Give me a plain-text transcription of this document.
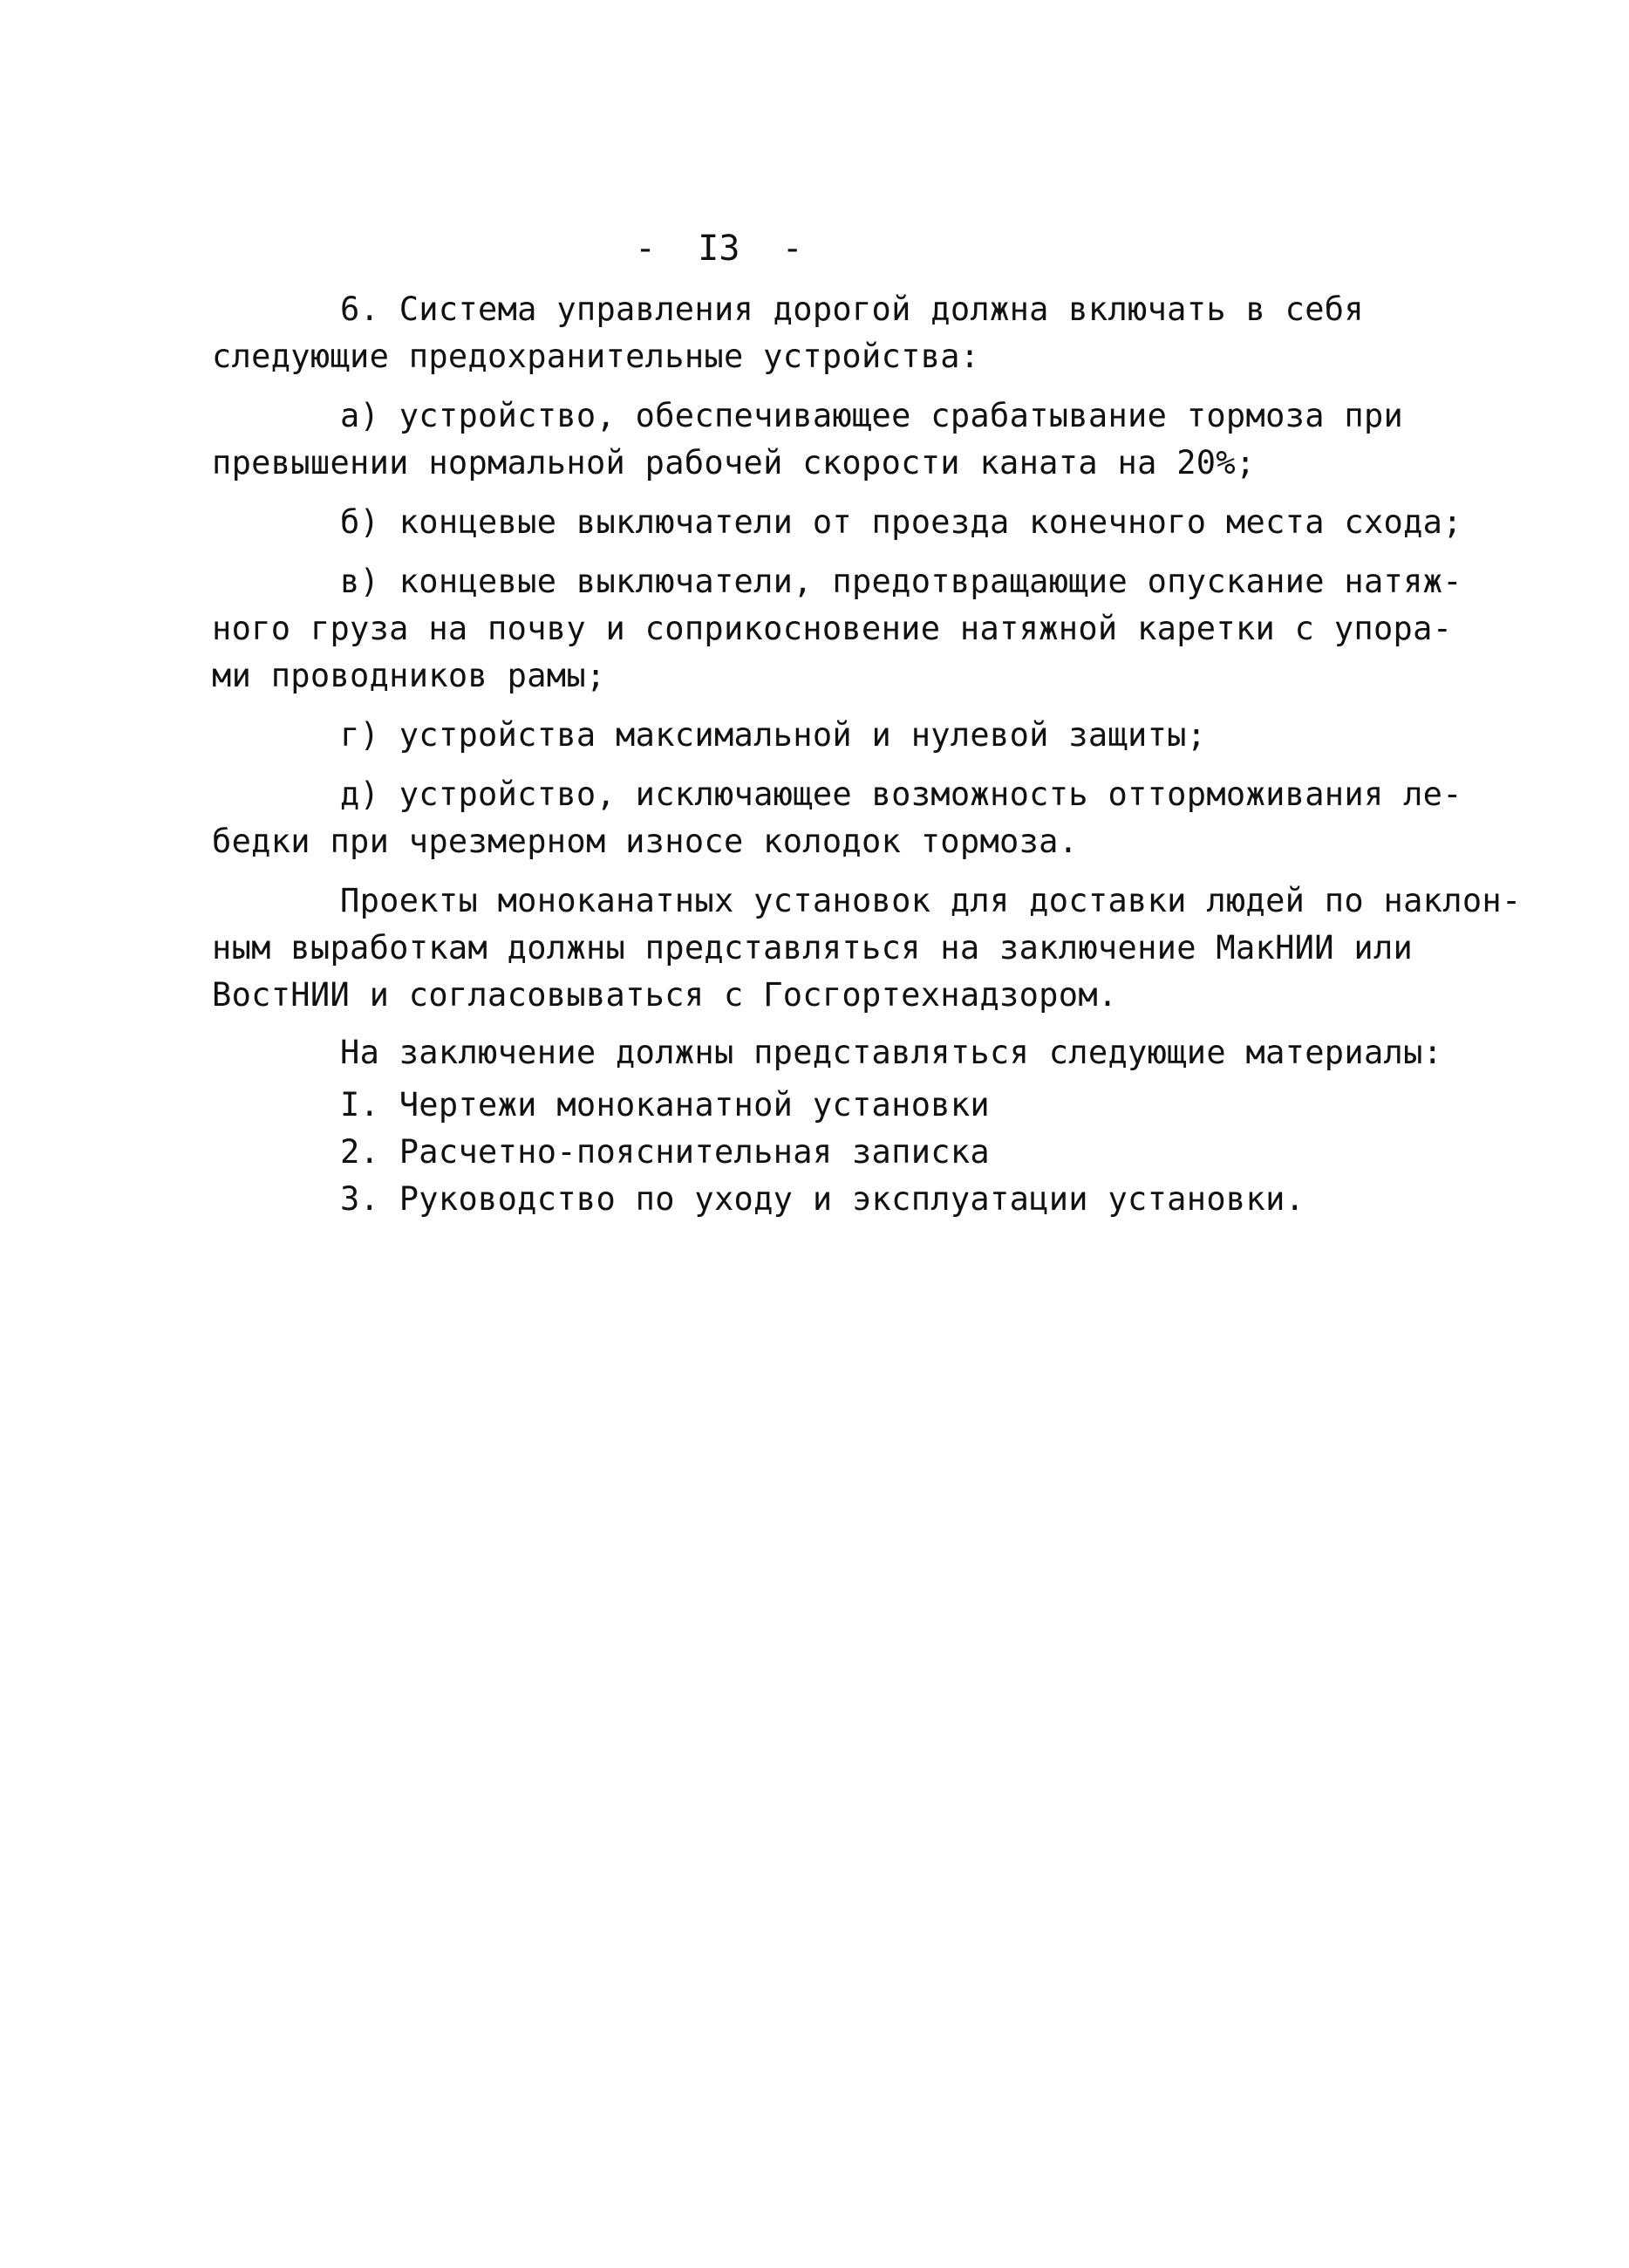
-  I3  -
6. Система управления дорогой должна включать в себя
следующие предохранительные устройства:
а) устройство, обеспечивающее срабатывание тормоза при
превышении нормальной рабочей скорости каната на 20%;
б) концевые выключатели от проезда конечного места схода;
в) концевые выключатели, предотвращающие опускание натяж-
ного груза на почву и соприкосновение натяжной каретки с упора-
ми проводников рамы;
г) устройства максимальной и нулевой защиты;
д) устройство, исключающее возможность отторможивания ле-
бедки при чрезмерном износе колодок тормоза.
Проекты моноканатных установок для доставки людей по наклон-
ным выработкам должны представляться на заключение МакНИИ или
ВостНИИ и согласовываться с Госгортехнадзором.
На заключение должны представляться следующие материалы:
I. Чертежи моноканатной установки
2. Расчетно-пояснительная записка
3. Руководство по уходу и эксплуатации установки.
